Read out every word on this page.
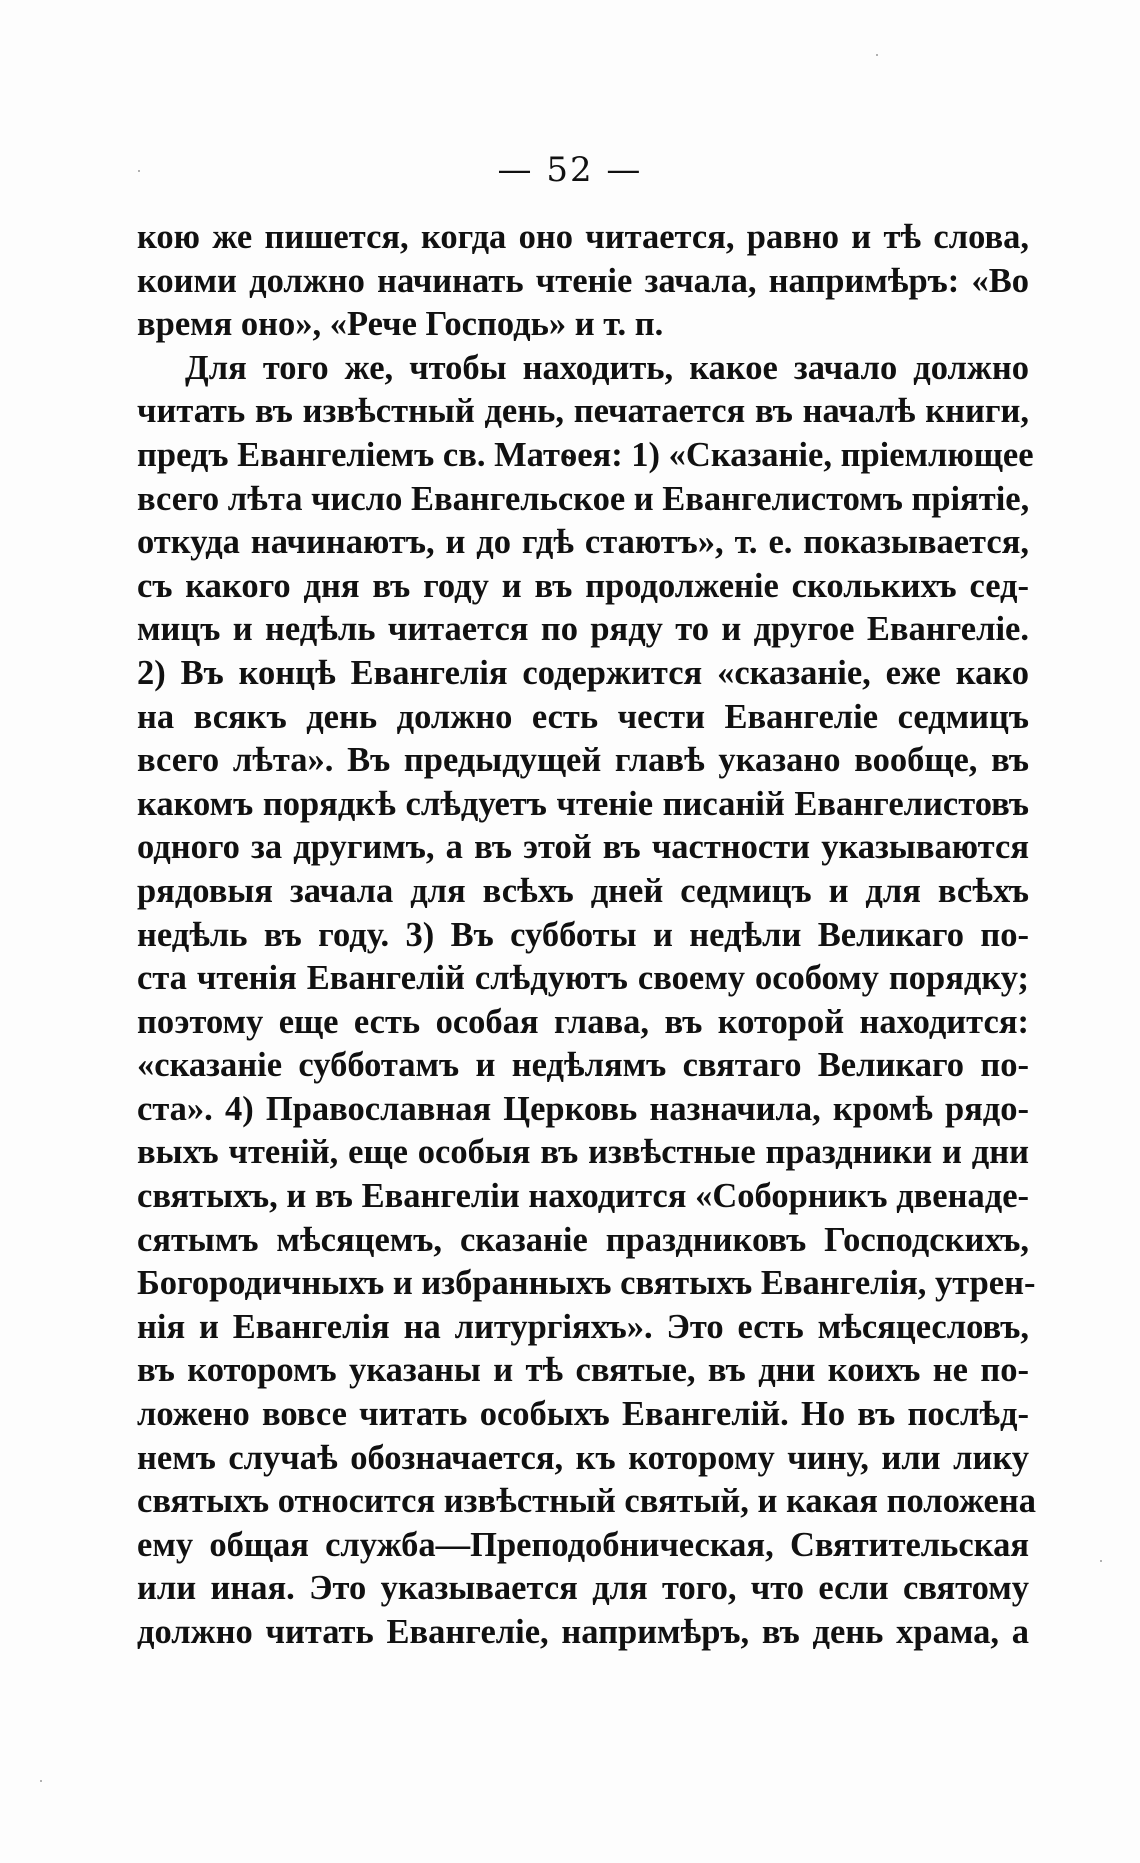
— 52 —
кою же пишется, когда оно читается, равно и тѣ слова,
коими должно начинать чтеніе зачала, напримѣръ: «Во
время оно», «Рече Господь» и т. п.
Для того же, чтобы находить, какое зачало должно
читать въ извѣстный день, печатается въ началѣ книги,
предъ Евангеліемъ св. Матѳея: 1) «Сказаніе, пріемлющее
всего лѣта число Евангельское и Евангелистомъ пріятіе,
откуда начинаютъ, и до гдѣ стаютъ», т. е. показывается,
съ какого дня въ году и въ продолженіе сколькихъ сед-
мицъ и недѣль читается по ряду то и другое Евангеліе.
2) Въ концѣ Евангелія содержится «сказаніе, еже како
на всякъ день должно есть чести Евангеліе седмицъ
всего лѣта». Въ предыдущей главѣ указано вообще, въ
какомъ порядкѣ слѣдуетъ чтеніе писаній Евангелистовъ
одного за другимъ, а въ этой въ частности указываются
рядовыя зачала для всѣхъ дней седмицъ и для всѣхъ
недѣль въ году. 3) Въ субботы и недѣли Великаго по-
ста чтенія Евангелій слѣдуютъ своему особому порядку;
поэтому еще есть особая глава, въ которой находится:
«сказаніе субботамъ и недѣлямъ святаго Великаго по-
ста». 4) Православная Церковь назначила, кромѣ рядо-
выхъ чтеній, еще особыя въ извѣстные праздники и дни
святыхъ, и въ Евангеліи находится «Соборникъ двенаде-
сятымъ мѣсяцемъ, сказаніе праздниковъ Господскихъ,
Богородичныхъ и избранныхъ святыхъ Евангелія, утрен-
нія и Евангелія на литургіяхъ». Это есть мѣсяцесловъ,
въ которомъ указаны и тѣ святые, въ дни коихъ не по-
ложено вовсе читать особыхъ Евангелій. Но въ послѣд-
немъ случаѣ обозначается, къ которому чину, или лику
святыхъ относится извѣстный святый, и какая положена
ему общая служба—Преподобническая, Святительская
или иная. Это указывается для того, что если святому
должно читать Евангеліе, напримѣръ, въ день храма, а
